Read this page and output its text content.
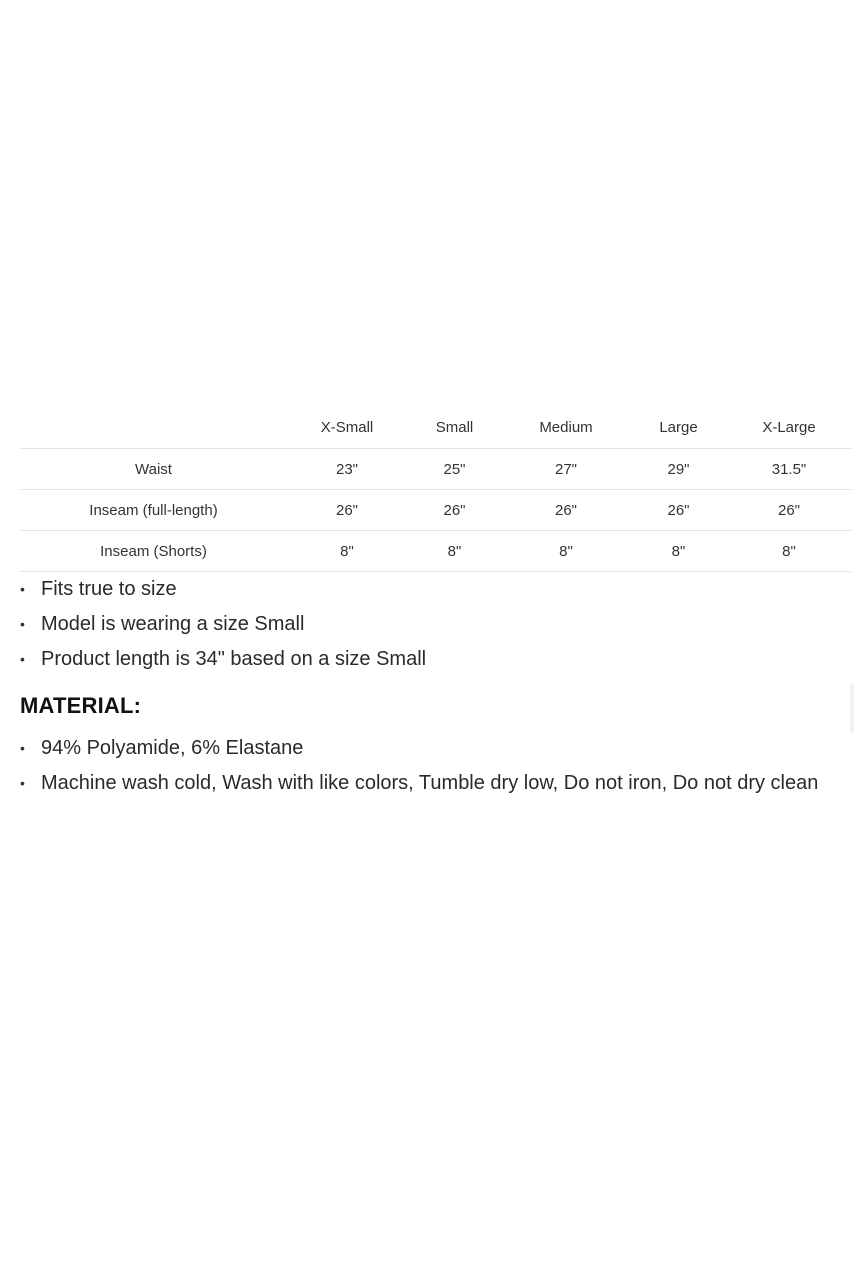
	X-Small	Small	Medium	Large	X-Large
Waist	23"	25"	27"	29"	31.5"
Inseam (full-length)	26"	26"	26"	26"	26"
Inseam (Shorts)	8"	8"	8"	8"	8"
• Fits true to size
• Model is wearing a size Small
• Product length is 34" based on a size Small
MATERIAL:
• 94% Polyamide, 6% Elastane
• Machine wash cold, Wash with like colors, Tumble dry low, Do not iron, Do not dry clean
